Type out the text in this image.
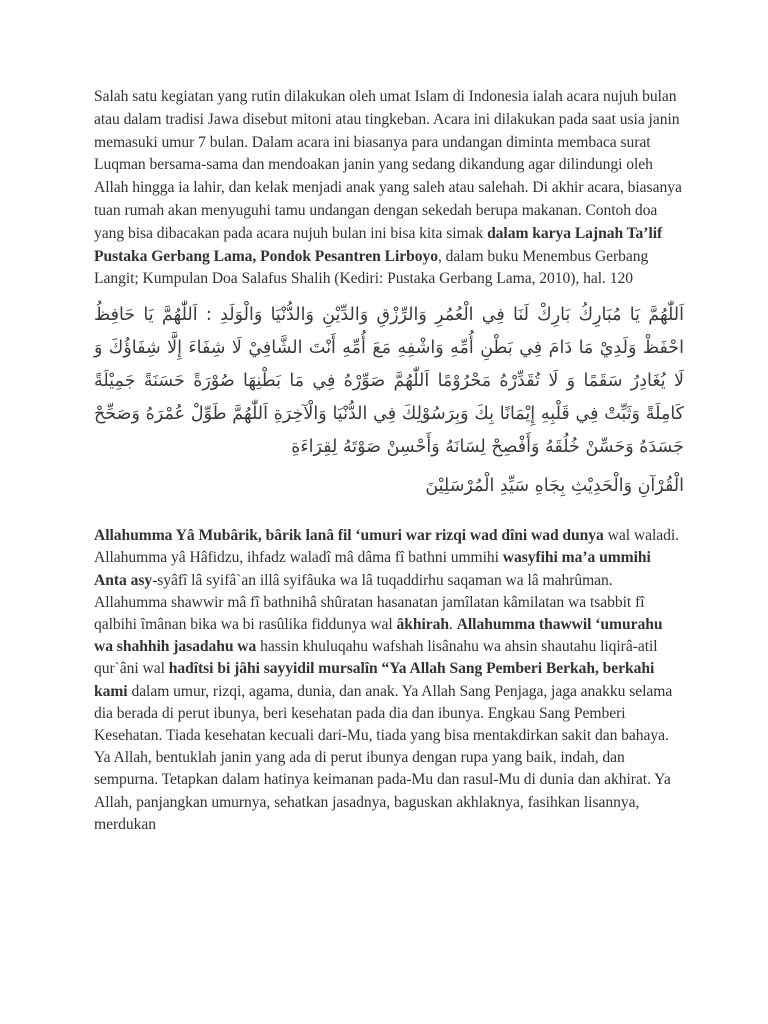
Salah satu kegiatan yang rutin dilakukan oleh umat Islam di Indonesia ialah acara nujuh bulan atau dalam tradisi Jawa disebut mitoni atau tingkeban. Acara ini dilakukan pada saat usia janin memasuki umur 7 bulan. Dalam acara ini biasanya para undangan diminta membaca surat Luqman bersama-sama dan mendoakan janin yang sedang dikandung agar dilindungi oleh Allah hingga ia lahir, dan kelak menjadi anak yang saleh atau salehah. Di akhir acara, biasanya tuan rumah akan menyuguhi tamu undangan dengan sekedah berupa makanan. Contoh doa yang bisa dibacakan pada acara nujuh bulan ini bisa kita simak dalam karya Lajnah Ta’lif Pustaka Gerbang Lama, Pondok Pesantren Lirboyo, dalam buku Menembus Gerbang Langit; Kumpulan Doa Salafus Shalih (Kediri: Pustaka Gerbang Lama, 2010), hal. 120

اَللّٰهُمَّ يَا مُبَارِكُ بَارِكْ لَنَا فِي الْعُمُرِ وَالرِّزْقِ وَالدِّيْنِ وَالدُّنْيَا وَالْوَلَدِ : اَللّٰهُمَّ يَا حَافِظُ احْفَظْ وَلَدِيْ مَا دَامَ فِي بَطْنِ أُمِّهِ وَاشْفِهِ مَعَ أُمِّهِ أَنْتَ الشَّافِيْ لَا شِفَاءَ إِلَّا شِفَاؤُكَ وَ لَا يُغَادِرُ سَقَمًا وَ لَا تُقَدِّرْهُ مَحْرُوْمًا اَللّٰهُمَّ صَوِّرْهُ فِي مَا بَطْنِهَا صُوْرَةً حَسَنَةً جَمِيْلَةً كَامِلَةً وَثَبِّتْ فِي قَلْبِهِ إِيْمَانًا بِكَ وَبِرَسُوْلِكَ فِي الدُّنْيَا وَالْآخِرَةِ اَللّٰهُمَّ طَوِّلْ عُمْرَهُ وَصَحِّحْ جَسَدَهُ وَحَسِّنْ خُلُقَهُ وَأَفْصِحْ لِسَانَهُ وَأَحْسِنْ صَوْتَهُ لِقِرَاءَةِ

الْقُرْآنِ وَالْحَدِيْثِ بِجَاهِ سَيِّدِ الْمُرْسَلِيْنَ

Allahumma Yâ Mubârik, bârik lanâ fil ‘umuri war rizqi wad dîni wad dunya wal waladi. Allahumma yâ Hâfidzu, ihfadz waladî mâ dâma fî bathni ummihi wasyfihi ma’a ummihi Anta asy-syâfî lâ syifâ`an illâ syifâuka wa lâ tuqaddirhu saqaman wa lâ mahrûman. Allahumma shawwir mâ fî bathnihâ shûratan hasanatan jamîlatan kâmilatan wa tsabbit fî qalbihi îmânan bika wa bi rasûlika fiddunya wal âkhirah. Allahumma thawwil ‘umurahu wa shahhih jasadahu wa hassin khuluqahu wafshah lisânahu wa ahsin shautahu liqirâ-atil qur`âni wal hadîtsi bi jâhi sayyidil mursalîn “Ya Allah Sang Pemberi Berkah, berkahi kami dalam umur, rizqi, agama, dunia, dan anak. Ya Allah Sang Penjaga, jaga anakku selama dia berada di perut ibunya, beri kesehatan pada dia dan ibunya. Engkau Sang Pemberi Kesehatan. Tiada kesehatan kecuali dari-Mu, tiada yang bisa mentakdirkan sakit dan bahaya. Ya Allah, bentuklah janin yang ada di perut ibunya dengan rupa yang baik, indah, dan sempurna. Tetapkan dalam hatinya keimanan pada-Mu dan rasul-Mu di dunia dan akhirat. Ya Allah, panjangkan umurnya, sehatkan jasadnya, baguskan akhlaknya, fasihkan lisannya, merdukan
